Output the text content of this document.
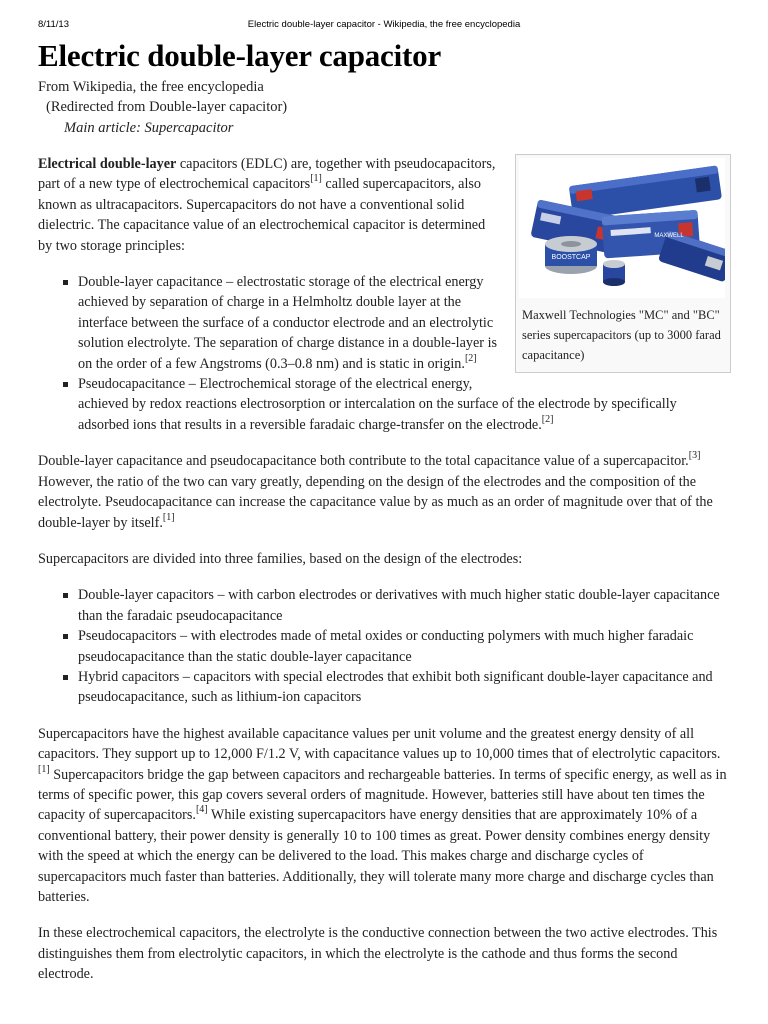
8/11/13	Electric double-layer capacitor - Wikipedia, the free encyclopedia
Electric double-layer capacitor
From Wikipedia, the free encyclopedia
(Redirected from Double-layer capacitor)
Main article: Supercapacitor
BOOSTCAP
MAXWELL
Maxwell Technologies "MC" and "BC" series supercapacitors (up to 3000 farad capacitance)

Electrical double-layer capacitors (EDLC) are, together with pseudocapacitors, part of a new type of electrochemical capacitors[1] called supercapacitors, also known as ultracapacitors. Supercapacitors do not have a conventional solid dielectric. The capacitance value of an electrochemical capacitor is determined by two storage principles:

Double-layer capacitance – electrostatic storage of the electrical energy achieved by separation of charge in a Helmholtz double layer at the interface between the surface of a conductor electrode and an electrolytic solution electrolyte. The separation of charge distance in a double-layer is on the order of a few Angstroms (0.3–0.8 nm) and is static in origin.[2]
Pseudocapacitance – Electrochemical storage of the electrical energy, achieved by redox reactions electrosorption or intercalation on the surface of the electrode by specifically adsorbed ions that results in a reversible faradaic charge-transfer on the electrode.[2]

Double-layer capacitance and pseudocapacitance both contribute to the total capacitance value of a supercapacitor.[3] However, the ratio of the two can vary greatly, depending on the design of the electrodes and the composition of the electrolyte. Pseudocapacitance can increase the capacitance value by as much as an order of magnitude over that of the double-layer by itself.[1]

Supercapacitors are divided into three families, based on the design of the electrodes:

Double-layer capacitors – with carbon electrodes or derivatives with much higher static double-layer capacitance than the faradaic pseudocapacitance
Pseudocapacitors – with electrodes made of metal oxides or conducting polymers with much higher faradaic pseudocapacitance than the static double-layer capacitance
Hybrid capacitors – capacitors with special electrodes that exhibit both significant double-layer capacitance and pseudocapacitance, such as lithium-ion capacitors

Supercapacitors have the highest available capacitance values per unit volume and the greatest energy density of all capacitors. They support up to 12,000 F/1.2 V, with capacitance values up to 10,000 times that of electrolytic capacitors.[1] Supercapacitors bridge the gap between capacitors and rechargeable batteries. In terms of specific energy, as well as in terms of specific power, this gap covers several orders of magnitude. However, batteries still have about ten times the capacity of supercapacitors.[4] While existing supercapacitors have energy densities that are approximately 10% of a conventional battery, their power density is generally 10 to 100 times as great. Power density combines energy density with the speed at which the energy can be delivered to the load. This makes charge and discharge cycles of supercapacitors much faster than batteries. Additionally, they will tolerate many more charge and discharge cycles than batteries.

In these electrochemical capacitors, the electrolyte is the conductive connection between the two active electrodes. This distinguishes them from electrolytic capacitors, in which the electrolyte is the cathode and thus forms the second electrode.
